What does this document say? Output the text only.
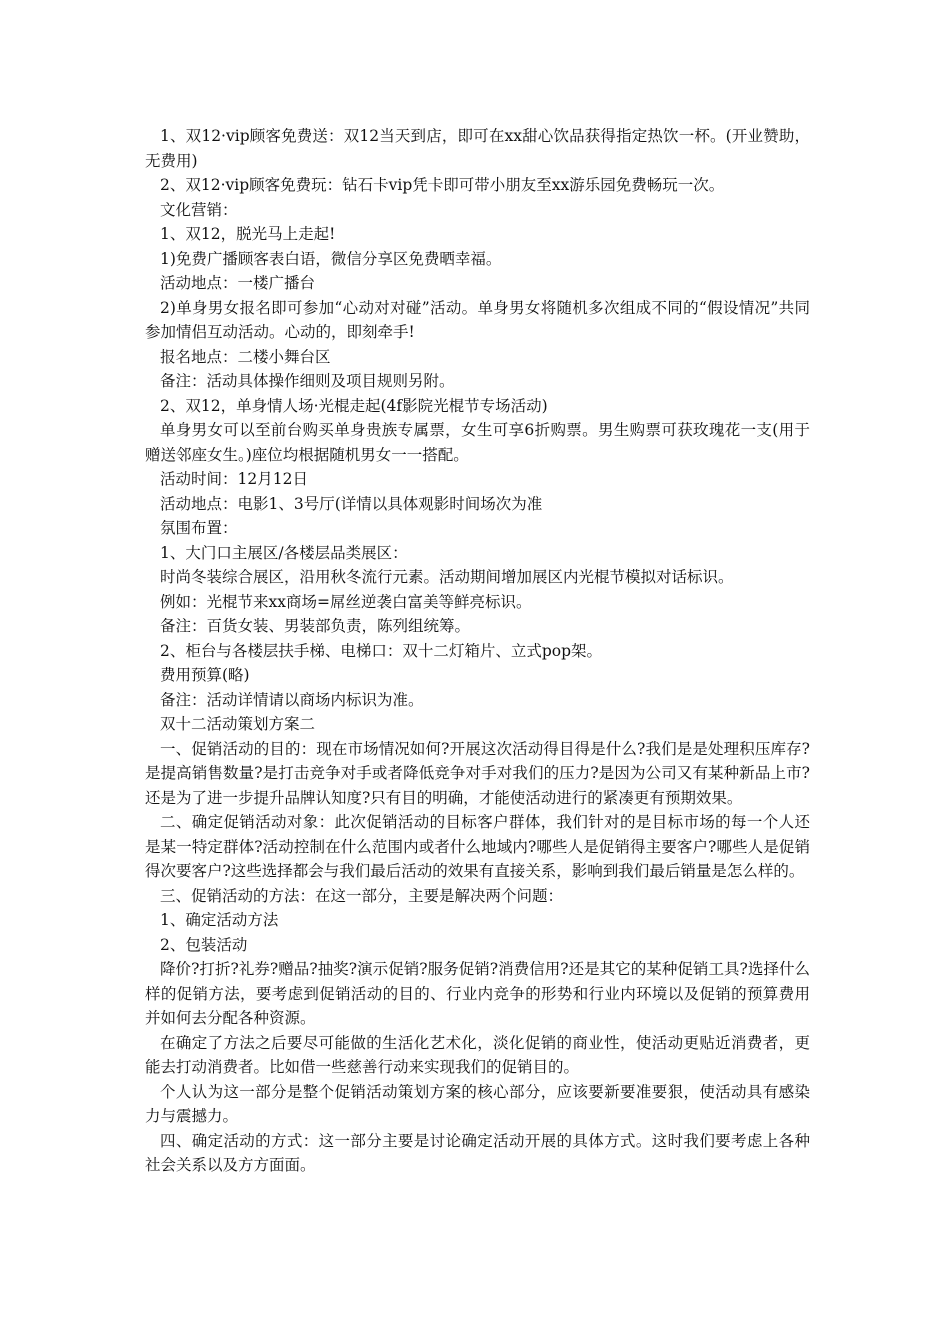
1、双12·vip顾客免费送：双12当天到店，即可在xx甜心饮品获得指定热饮一杯。(开业赞助，无费用)

2、双12·vip顾客免费玩：钻石卡vip凭卡即可带小朋友至xx游乐园免费畅玩一次。

文化营销：

1、双12，脱光马上走起!

1)免费广播顾客表白语，微信分享区免费晒幸福。

活动地点：一楼广播台

2)单身男女报名即可参加“心动对对碰”活动。单身男女将随机多次组成不同的“假设情况”共同参加情侣互动活动。心动的，即刻牵手!

报名地点：二楼小舞台区

备注：活动具体操作细则及项目规则另附。

2、双12，单身情人场·光棍走起(4f影院光棍节专场活动)

单身男女可以至前台购买单身贵族专属票，女生可享6折购票。男生购票可获玫瑰花一支(用于赠送邻座女生。)座位均根据随机男女一一搭配。

活动时间：12月12日

活动地点：电影1、3号厅(详情以具体观影时间场次为准

氛围布置：

1、大门口主展区/各楼层品类展区：

时尚冬装综合展区，沿用秋冬流行元素。活动期间增加展区内光棍节模拟对话标识。

例如：光棍节来xx商场=屌丝逆袭白富美等鲜亮标识。

备注：百货女装、男装部负责，陈列组统筹。

2、柜台与各楼层扶手梯、电梯口：双十二灯箱片、立式pop架。

费用预算(略)

备注：活动详情请以商场内标识为准。

双十二活动策划方案二

一、促销活动的目的：现在市场情况如何?开展这次活动得目得是什么?我们是是处理积压库存?是提高销售数量?是打击竞争对手或者降低竞争对手对我们的压力?是因为公司又有某种新品上市?还是为了进一步提升品牌认知度?只有目的明确，才能使活动进行的紧凑更有预期效果。

二、确定促销活动对象：此次促销活动的目标客户群体，我们针对的是目标市场的每一个人还是某一特定群体?活动控制在什么范围内或者什么地域内?哪些人是促销得主要客户?哪些人是促销得次要客户?这些选择都会与我们最后活动的效果有直接关系，影响到我们最后销量是怎么样的。

三、促销活动的方法：在这一部分，主要是解决两个问题：

1、确定活动方法

2、包装活动

降价?打折?礼券?赠品?抽奖?演示促销?服务促销?消费信用?还是其它的某种促销工具?选择什么样的促销方法，要考虑到促销活动的目的、行业内竞争的形势和行业内环境以及促销的预算费用并如何去分配各种资源。

在确定了方法之后要尽可能做的生活化艺术化，淡化促销的商业性，使活动更贴近消费者，更能去打动消费者。比如借一些慈善行动来实现我们的促销目的。

个人认为这一部分是整个促销活动策划方案的核心部分，应该要新要准要狠，使活动具有感染力与震撼力。

四、确定活动的方式：这一部分主要是讨论确定活动开展的具体方式。这时我们要考虑上各种社会关系以及方方面面。
